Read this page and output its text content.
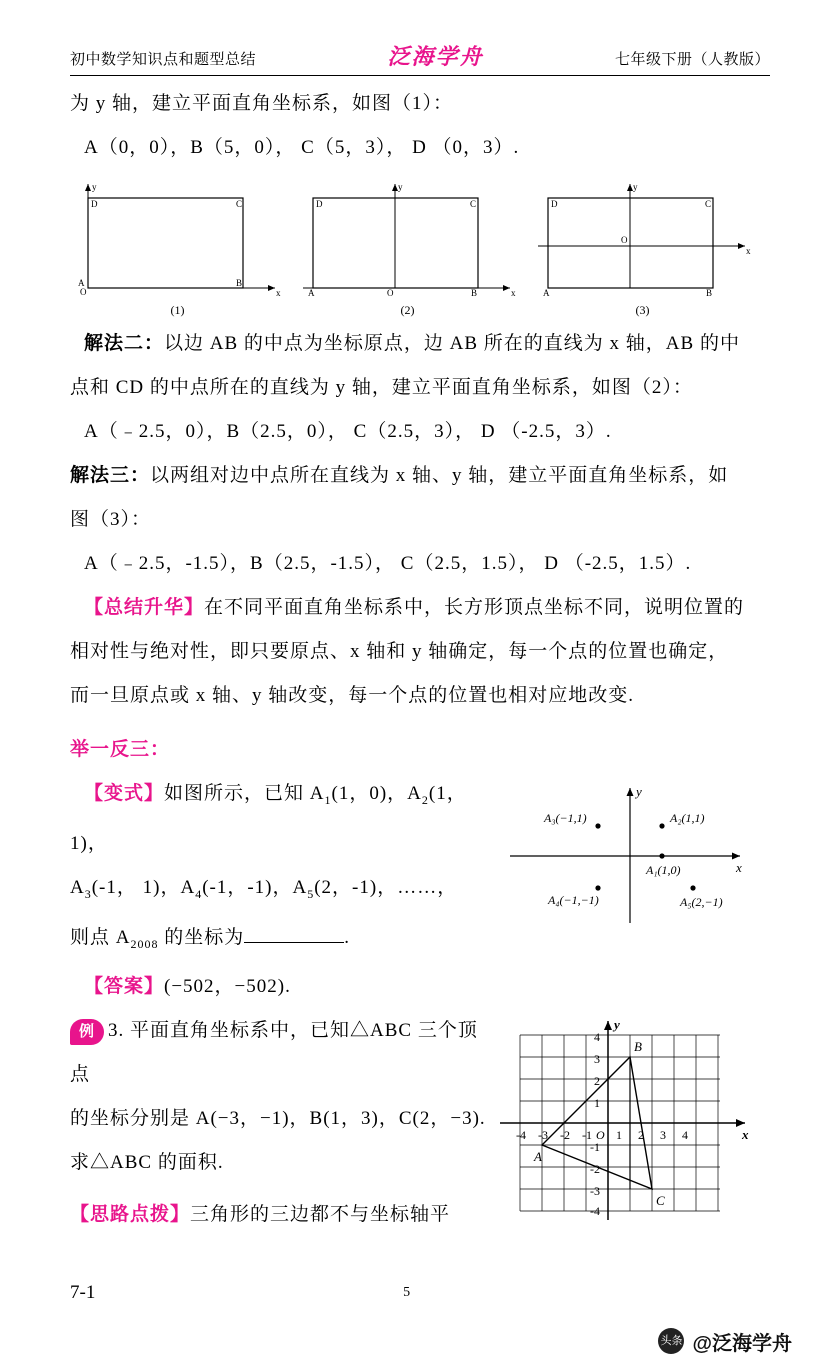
初中数学知识点和题型总结	泛海学舟	七年级下册（人教版）
为 y 轴，建立平面直角坐标系，如图（1）：
A（0，0），B（5，0）， C（5，3）， D （0，3）.
y
x
O
D	C
A	B
(1)
y
x
O
D	C
A	B
(2)
y
x
O
D	C
A	B
(3)
解法二：以边 AB 的中点为坐标原点，边 AB 所在的直线为 x 轴，AB 的中
点和 CD 的中点所在的直线为 y 轴，建立平面直角坐标系，如图（2）：
A（﹣2.5，0），B（2.5，0）， C（2.5，3）， D （-2.5，3）.
解法三：以两组对边中点所在直线为 x 轴、y 轴，建立平面直角坐标系，如
图（3）：
A（﹣2.5，-1.5），B（2.5，-1.5）， C（2.5，1.5）， D （-2.5，1.5）.
【总结升华】在不同平面直角坐标系中，长方形顶点坐标不同，说明位置的
相对性与绝对性，即只要原点、x 轴和 y 轴确定，每一个点的位置也确定，
而一旦原点或 x 轴、y 轴改变，每一个点的位置也相对应地改变.
举一反三：
【变式】如图所示，已知 $A_1(1$，0)，$A_2(1$， 1)，
$A_3(-1$， 1)，$A_4(-1$，-1)，$A_5(2$，-1)，……，
则点 $A_{2008}$ 的坐标为	.
y
x
A₃(−1,1)	A₂(1,1)
A₁(1,0)
A₄(−1,−1)	A₅(2,−1)
【答案】(−502，−502).
例 3. 平面直角坐标系中，已知△ABC 三个顶点
的坐标分别是 A(−3，−1)，B(1，3)，C(2，−3).
求△ABC 的面积.
【思路点拨】三角形的三边都不与坐标轴平
y
x
O
-4 -3 -2 -1 1 2 3 4
4
3
2
1
-1
-2
-3
-4
A
B
C
7-1	5
头条 @泛海学舟
